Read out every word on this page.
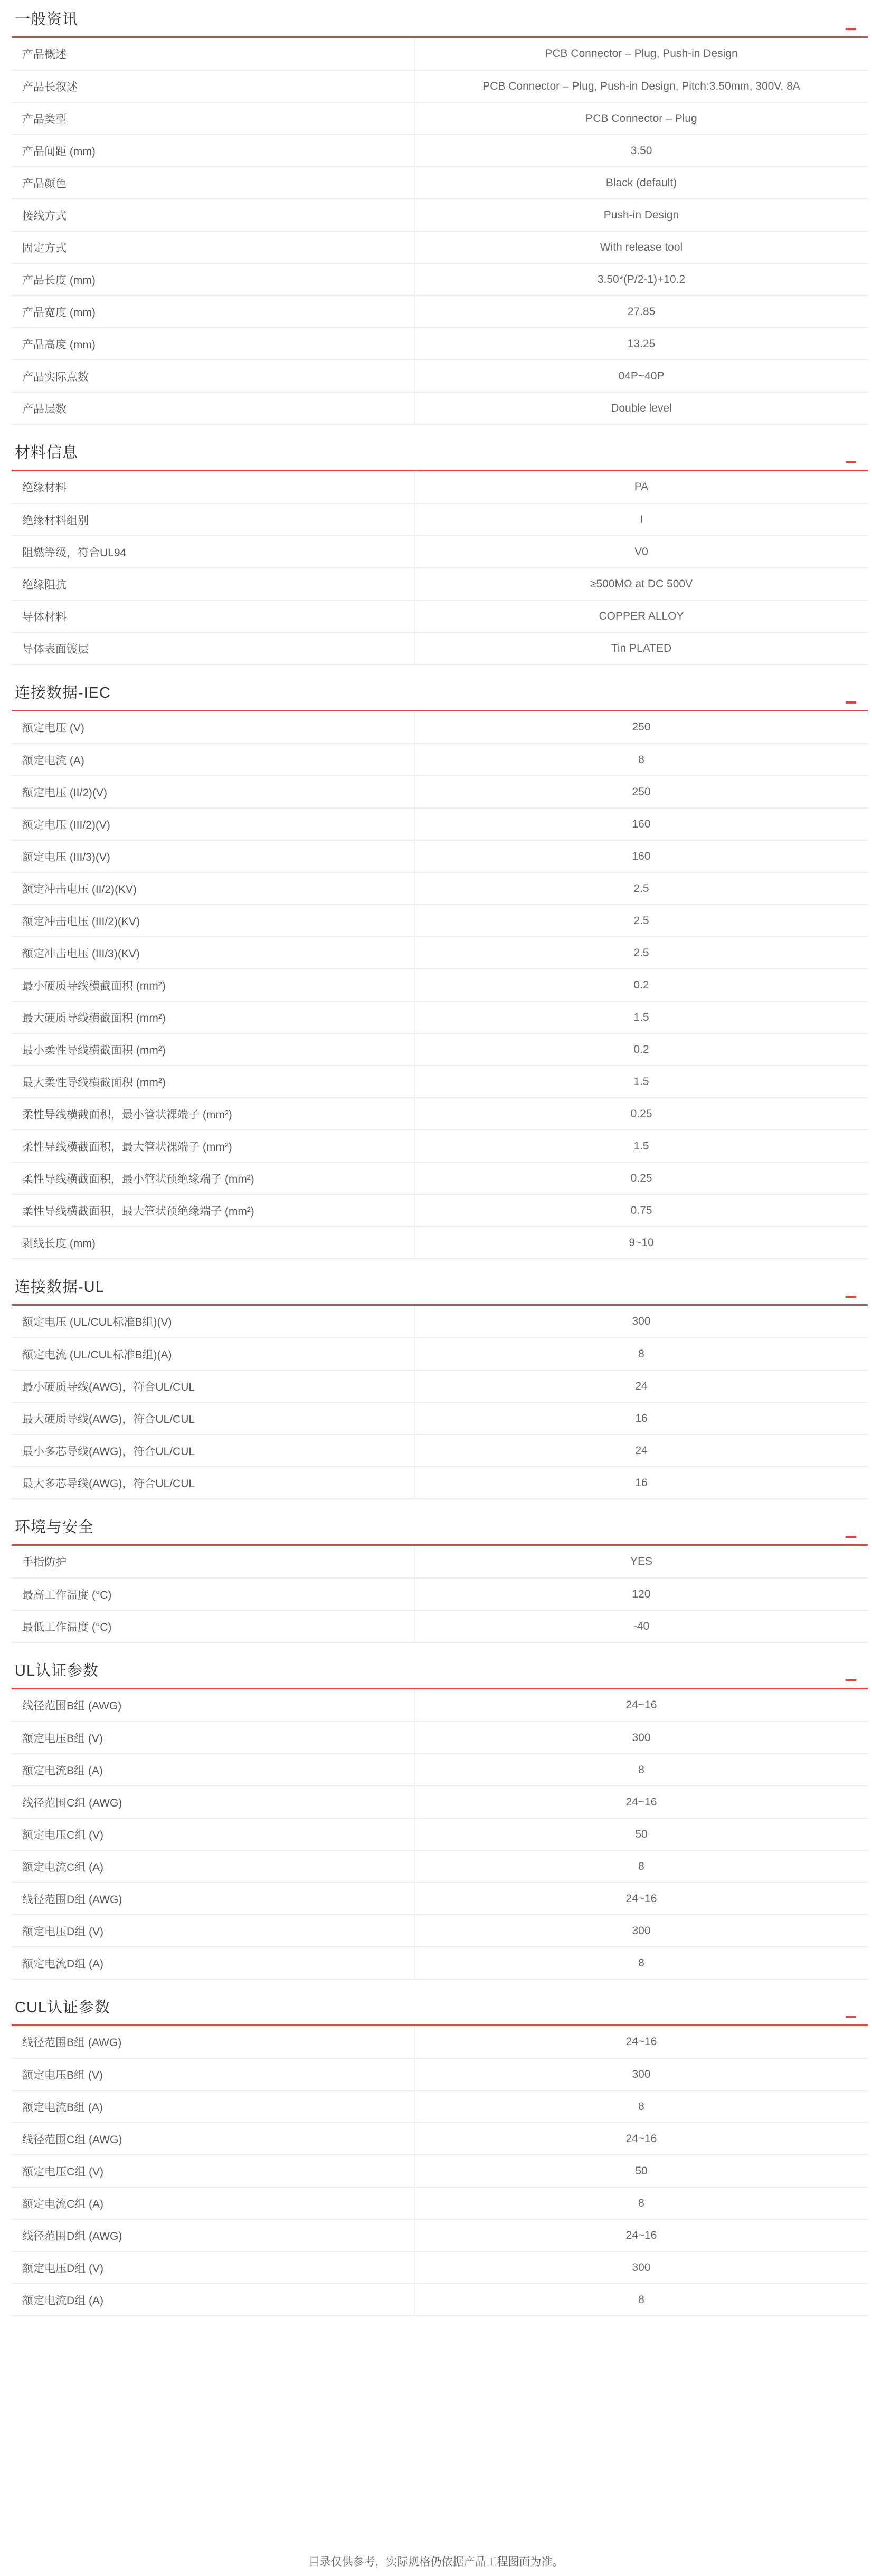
一般资讯
产品概述	PCB Connector – Plug, Push-in Design
产品长叙述	PCB Connector – Plug, Push-in Design, Pitch:3.50mm, 300V, 8A
产品类型	PCB Connector – Plug
产品间距 (mm)	3.50
产品颜色	Black (default)
接线方式	Push-in Design
固定方式	With release tool
产品长度 (mm)	3.50*(P/2-1)+10.2
产品宽度 (mm)	27.85
产品高度 (mm)	13.25
产品实际点数	04P~40P
产品层数	Double level
材料信息
绝缘材料	PA
绝缘材料组别	I
阻燃等级，符合UL94	V0
绝缘阻抗	≥500MΩ at DC 500V
导体材料	COPPER ALLOY
导体表面镀层	Tin PLATED
连接数据-IEC
额定电压 (V)	250
额定电流 (A)	8
额定电压 (II/2)(V)	250
额定电压 (III/2)(V)	160
额定电压 (III/3)(V)	160
额定冲击电压 (II/2)(KV)	2.5
额定冲击电压 (III/2)(KV)	2.5
额定冲击电压 (III/3)(KV)	2.5
最小硬质导线横截面积 (mm²)	0.2
最大硬质导线横截面积 (mm²)	1.5
最小柔性导线横截面积 (mm²)	0.2
最大柔性导线横截面积 (mm²)	1.5
柔性导线横截面积，最小管状裸端子 (mm²)	0.25
柔性导线横截面积，最大管状裸端子 (mm²)	1.5
柔性导线横截面积，最小管状预绝缘端子 (mm²)	0.25
柔性导线横截面积，最大管状预绝缘端子 (mm²)	0.75
剥线长度 (mm)	9~10
连接数据-UL
额定电压 (UL/CUL标准B组)(V)	300
额定电流 (UL/CUL标准B组)(A)	8
最小硬质导线(AWG)，符合UL/CUL	24
最大硬质导线(AWG)，符合UL/CUL	16
最小多芯导线(AWG)，符合UL/CUL	24
最大多芯导线(AWG)，符合UL/CUL	16
环境与安全
手指防护	YES
最高工作温度 (°C)	120
最低工作温度 (°C)	-40
UL认证参数
线径范围B组 (AWG)	24~16
额定电压B组 (V)	300
额定电流B组 (A)	8
线径范围C组 (AWG)	24~16
额定电压C组 (V)	50
额定电流C组 (A)	8
线径范围D组 (AWG)	24~16
额定电压D组 (V)	300
额定电流D组 (A)	8
CUL认证参数
线径范围B组 (AWG)	24~16
额定电压B组 (V)	300
额定电流B组 (A)	8
线径范围C组 (AWG)	24~16
额定电压C组 (V)	50
额定电流C组 (A)	8
线径范围D组 (AWG)	24~16
额定电压D组 (V)	300
额定电流D组 (A)	8
目录仅供参考，实际规格仍依据产品工程图面为准。
